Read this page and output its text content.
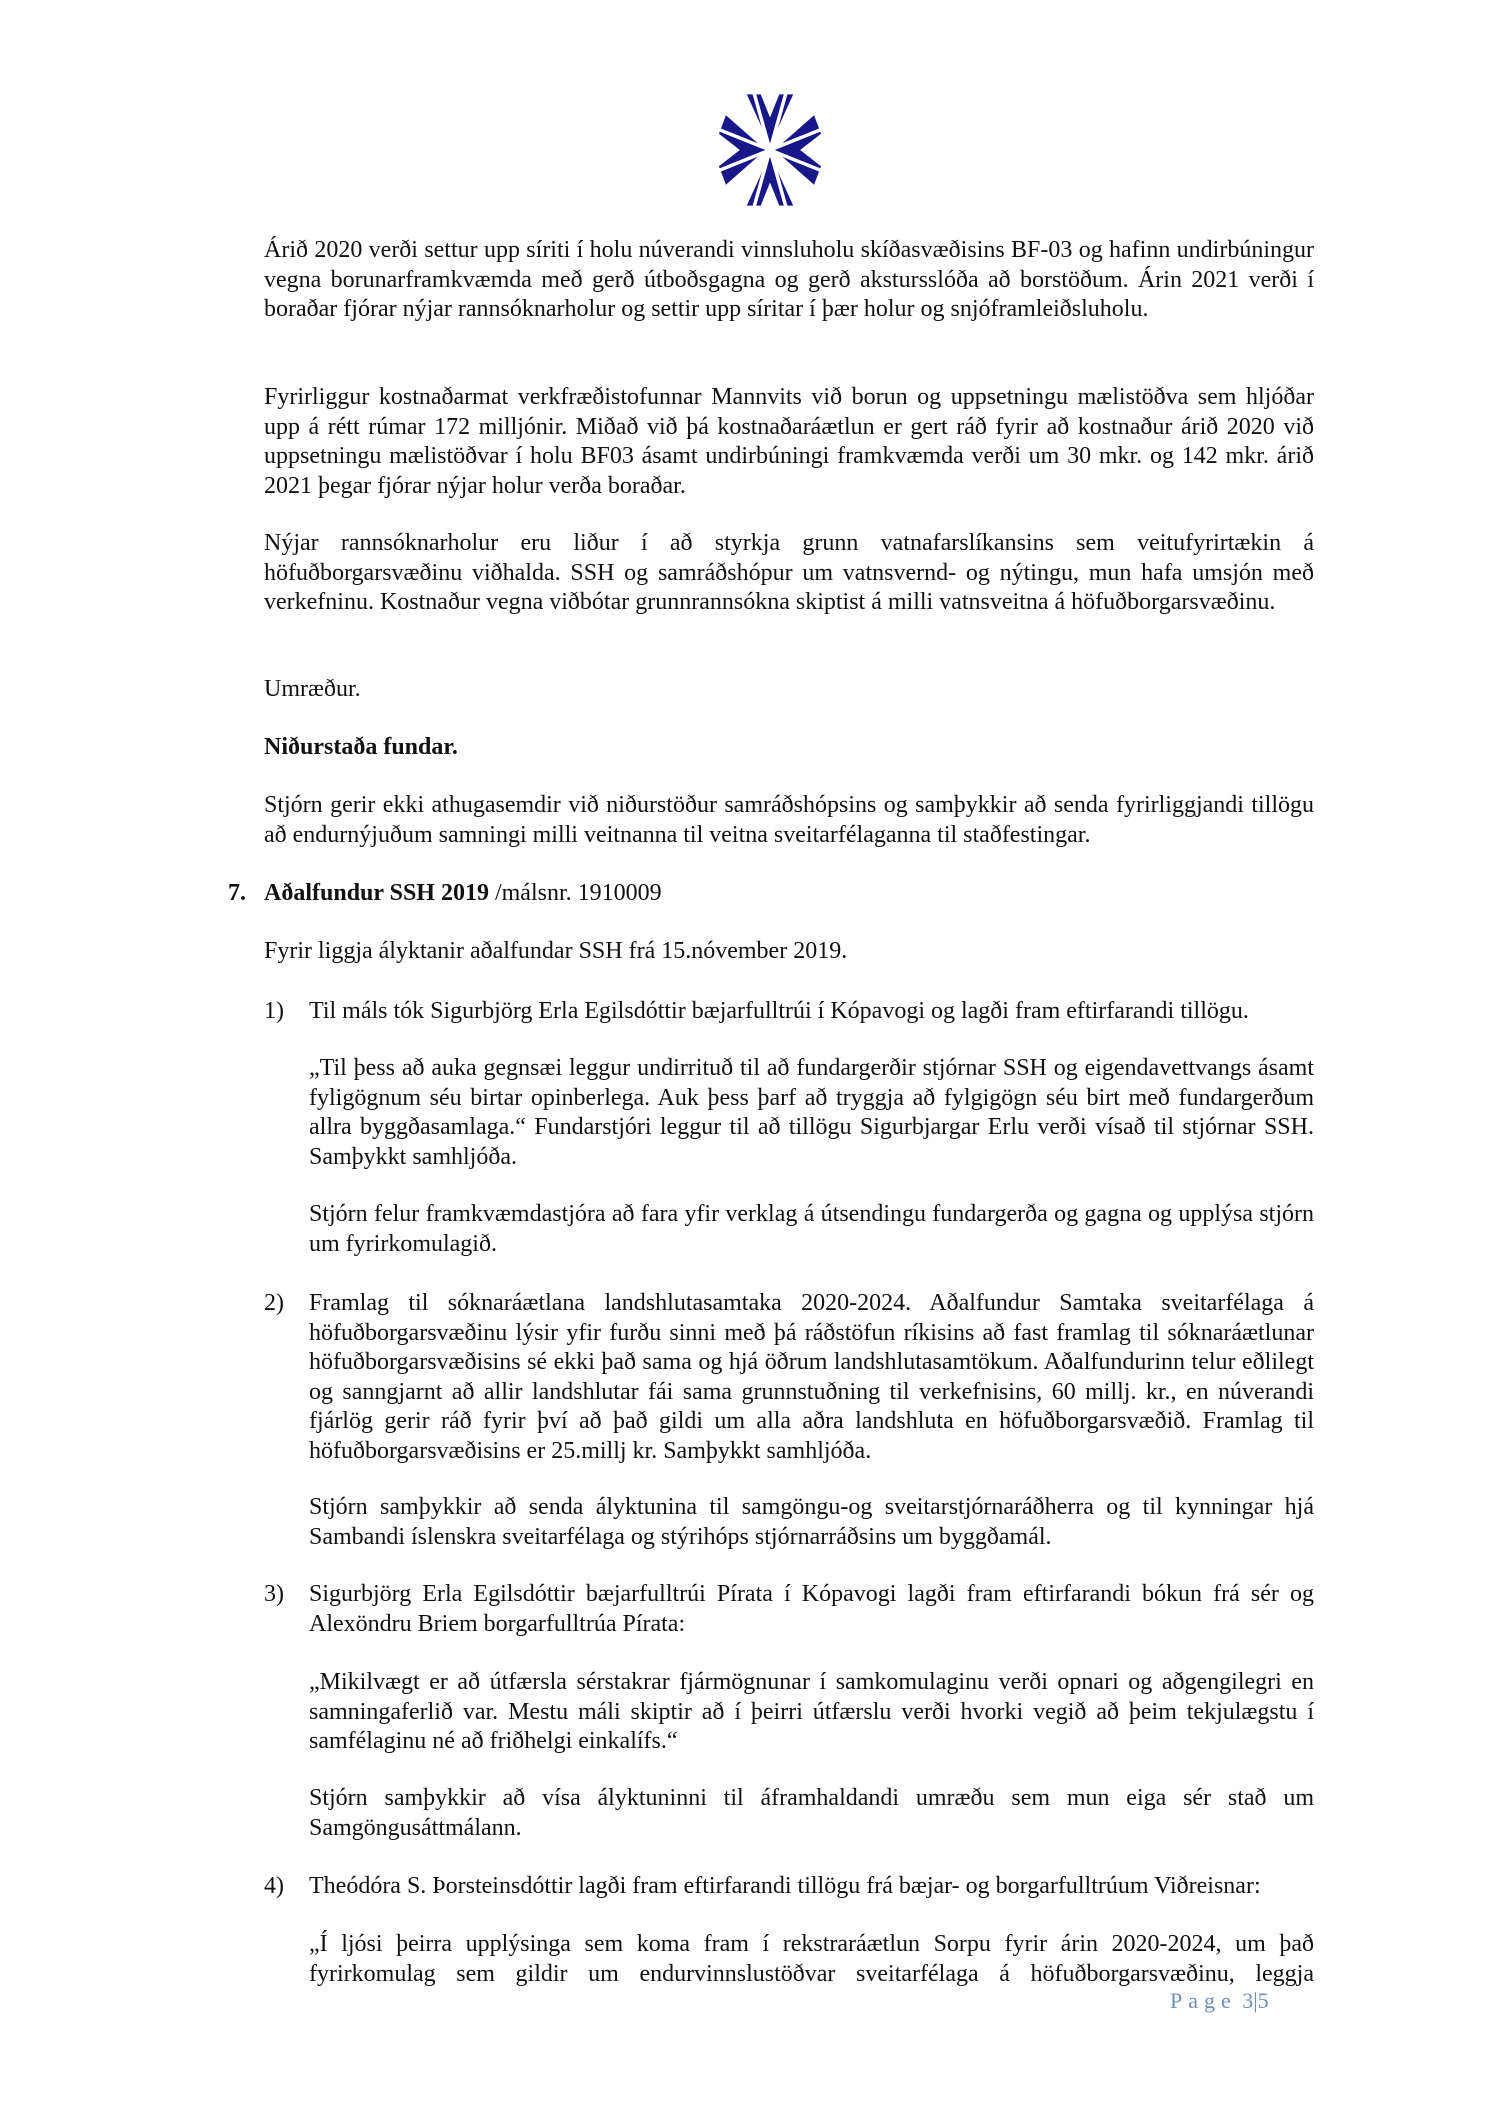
Árið 2020 verði settur upp síriti í holu núverandi vinnsluholu skíðasvæðisins BF-03 og hafinn undirbúningur vegna borunarframkvæmda með gerð útboðsgagna og gerð akstursslóða að borstöðum. Árin 2021 verði í boraðar fjórar nýjar rannsóknarholur og settir upp síritar í þær holur og snjóframleiðsluholu.

Fyrirliggur kostnaðarmat verkfræðistofunnar Mannvits við borun og uppsetningu mælistöðva sem hljóðar upp á rétt rúmar 172 milljónir. Miðað við þá kostnaðaráætlun er gert ráð fyrir að kostnaður árið 2020 við uppsetningu mælistöðvar í holu BF03 ásamt undirbúningi framkvæmda verði um 30 mkr. og 142 mkr. árið 2021 þegar fjórar nýjar holur verða boraðar.

Nýjar rannsóknarholur eru liður í að styrkja grunn vatnafarslíkansins sem veitufyrirtækin á höfuðborgarsvæðinu viðhalda. SSH og samráðshópur um vatnsvernd- og nýtingu, mun hafa umsjón með verkefninu. Kostnaður vegna viðbótar grunnrannsókna skiptist á milli vatnsveitna á höfuðborgarsvæðinu.

Umræður.

Niðurstaða fundar.

Stjórn gerir ekki athugasemdir við niðurstöður samráðshópsins og samþykkir að senda fyrirliggjandi tillögu að endurnýjuðum samningi milli veitnanna til veitna sveitarfélaganna til staðfestingar.

7. Aðalfundur SSH 2019 /málsnr. 1910009

Fyrir liggja ályktanir aðalfundar SSH frá 15.nóvember 2019.

1) Til máls tók Sigurbjörg Erla Egilsdóttir bæjarfulltrúi í Kópavogi og lagði fram eftirfarandi tillögu.

„Til þess að auka gegnsæi leggur undirrituð til að fundargerðir stjórnar SSH og eigendavettvangs ásamt fyligögnum séu birtar opinberlega. Auk þess þarf að tryggja að fylgigögn séu birt með fundargerðum allra byggðasamlaga.“ Fundarstjóri leggur til að tillögu Sigurbjargar Erlu verði vísað til stjórnar SSH. Samþykkt samhljóða.

Stjórn felur framkvæmdastjóra að fara yfir verklag á útsendingu fundargerða og gagna og upplýsa stjórn um fyrirkomulagið.

2) Framlag til sóknaráætlana landshlutasamtaka 2020-2024. Aðalfundur Samtaka sveitarfélaga á höfuðborgarsvæðinu lýsir yfir furðu sinni með þá ráðstöfun ríkisins að fast framlag til sóknaráætlunar höfuðborgarsvæðisins sé ekki það sama og hjá öðrum landshlutasamtökum. Aðalfundurinn telur eðlilegt og sanngjarnt að allir landshlutar fái sama grunnstuðning til verkefnisins, 60 millj. kr., en núverandi fjárlög gerir ráð fyrir því að það gildi um alla aðra landshluta en höfuðborgarsvæðið. Framlag til höfuðborgarsvæðisins er 25.millj kr. Samþykkt samhljóða.

Stjórn samþykkir að senda ályktunina til samgöngu-og sveitarstjórnaráðherra og til kynningar hjá Sambandi íslenskra sveitarfélaga og stýrihóps stjórnarráðsins um byggðamál.

3) Sigurbjörg Erla Egilsdóttir bæjarfulltrúi Pírata í Kópavogi lagði fram eftirfarandi bókun frá sér og Alexöndru Briem borgarfulltrúa Pírata:

„Mikilvægt er að útfærsla sérstakrar fjármögnunar í samkomulaginu verði opnari og aðgengilegri en samningaferlið var. Mestu máli skiptir að í þeirri útfærslu verði hvorki vegið að þeim tekjulægstu í samfélaginu né að friðhelgi einkalífs.“

Stjórn samþykkir að vísa ályktuninni til áframhaldandi umræðu sem mun eiga sér stað um Samgöngusáttmálann.

4) Theódóra S. Þorsteinsdóttir lagði fram eftirfarandi tillögu frá bæjar- og borgarfulltrúum Viðreisnar:

„Í ljósi þeirra upplýsinga sem koma fram í rekstraráætlun Sorpu fyrir árin 2020-2024, um það fyrirkomulag sem gildir um endurvinnslustöðvar sveitarfélaga á höfuðborgarsvæðinu, leggja

Page 3|5
